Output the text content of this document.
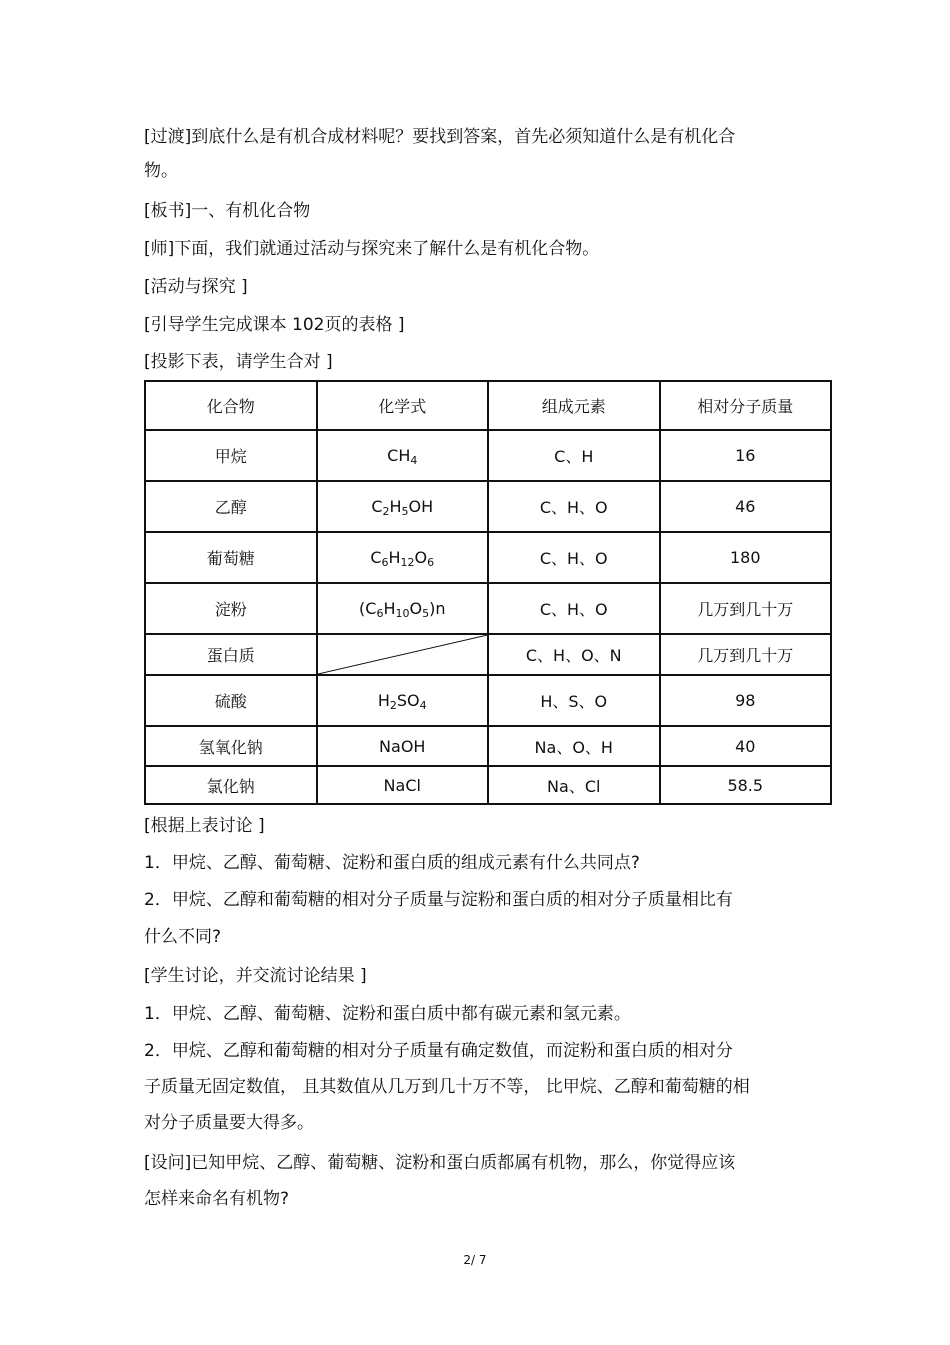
[过渡]到底什么是有机合成材料呢？要找到答案，首先必须知道什么是有机化合
物。
[板书]一、有机化合物
[师]下面，我们就通过活动与探究来了解什么是有机化合物。
[活动与探究 ]
[引导学生完成课本 102页的表格 ]
[投影下表，请学生合对 ]
化合物	化学式	组成元素	相对分子质量
甲烷	$CH_4$	C、H	16
乙醇	$C_2H_5OH$	C、H、O	46
葡萄糖	$C_6H_{12}O_6$	C、H、O	180
淀粉	$(C_6H_{10}O_5)n$	C、H、O	几万到几十万
蛋白质		C、H、O、N	几万到几十万
硫酸	$H_2SO_4$	H、S、O	98
氢氧化钠	NaOH	Na、O、H	40
氯化钠	NaCl	Na、Cl	58.5
[根据上表讨论 ]
1．甲烷、乙醇、葡萄糖、淀粉和蛋白质的组成元素有什么共同点?
2．甲烷、乙醇和葡萄糖的相对分子质量与淀粉和蛋白质的相对分子质量相比有
什么不同?
[学生讨论，并交流讨论结果 ]
1．甲烷、乙醇、葡萄糖、淀粉和蛋白质中都有碳元素和氢元素。
2．甲烷、乙醇和葡萄糖的相对分子质量有确定数值，而淀粉和蛋白质的相对分
子质量无固定数值， 且其数值从几万到几十万不等， 比甲烷、乙醇和葡萄糖的相
对分子质量要大得多。
[设问]已知甲烷、乙醇、葡萄糖、淀粉和蛋白质都属有机物，那么，你觉得应该
怎样来命名有机物?
2/ 7
